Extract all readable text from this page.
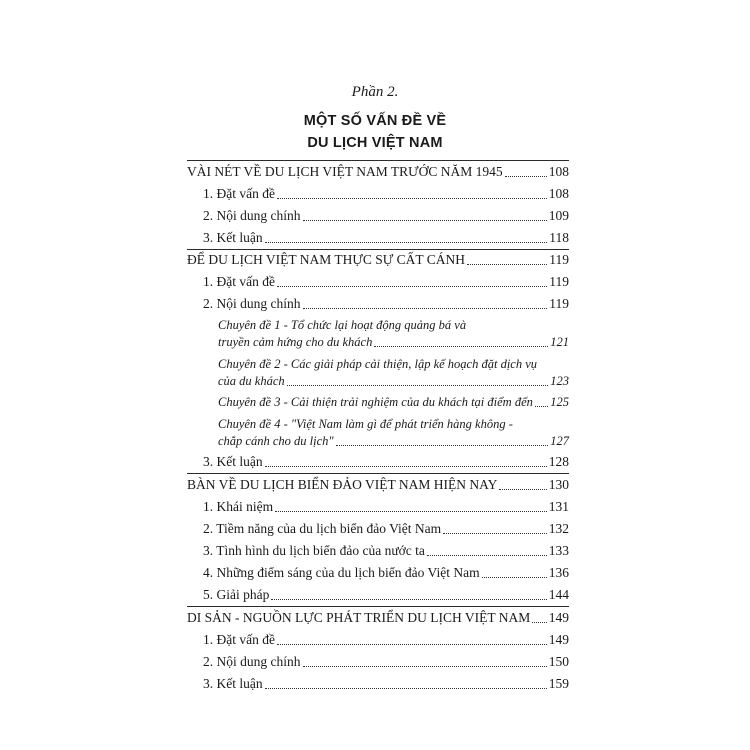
Phần 2.
MỘT SỐ VẤN ĐỀ VỀ
DU LỊCH VIỆT NAM
VÀI NÉT VỀ DU LỊCH VIỆT NAM TRƯỚC NĂM 1945	108
1. Đặt vấn đề	108
2. Nội dung chính	109
3. Kết luận	118
ĐỂ DU LỊCH VIỆT NAM THỰC SỰ CẤT CÁNH	119
1. Đặt vấn đề	119
2. Nội dung chính	119
Chuyên đề 1 - Tổ chức lại hoạt động quảng bá và
truyền cảm hứng cho du khách	121
Chuyên đề 2 - Các giải pháp cải thiện, lập kế hoạch đặt dịch vụ
của du khách	123
Chuyên đề 3 - Cải thiện trải nghiệm của du khách tại điểm đến 125
Chuyên đề 4 - "Việt Nam làm gì để phát triển hàng không -
chắp cánh cho du lịch"	127
3. Kết luận	128
BÀN VỀ DU LỊCH BIỂN ĐẢO VIỆT NAM HIỆN NAY	130
1. Khái niệm	131
2. Tiềm năng của du lịch biển đảo Việt Nam	132
3. Tình hình du lịch biển đảo của nước ta	133
4. Những điểm sáng của du lịch biển đảo Việt Nam	136
5. Giải pháp	144
DI SẢN - NGUỒN LỰC PHÁT TRIỂN DU LỊCH VIỆT NAM 149
1. Đặt vấn đề	149
2. Nội dung chính	150
3. Kết luận	159
